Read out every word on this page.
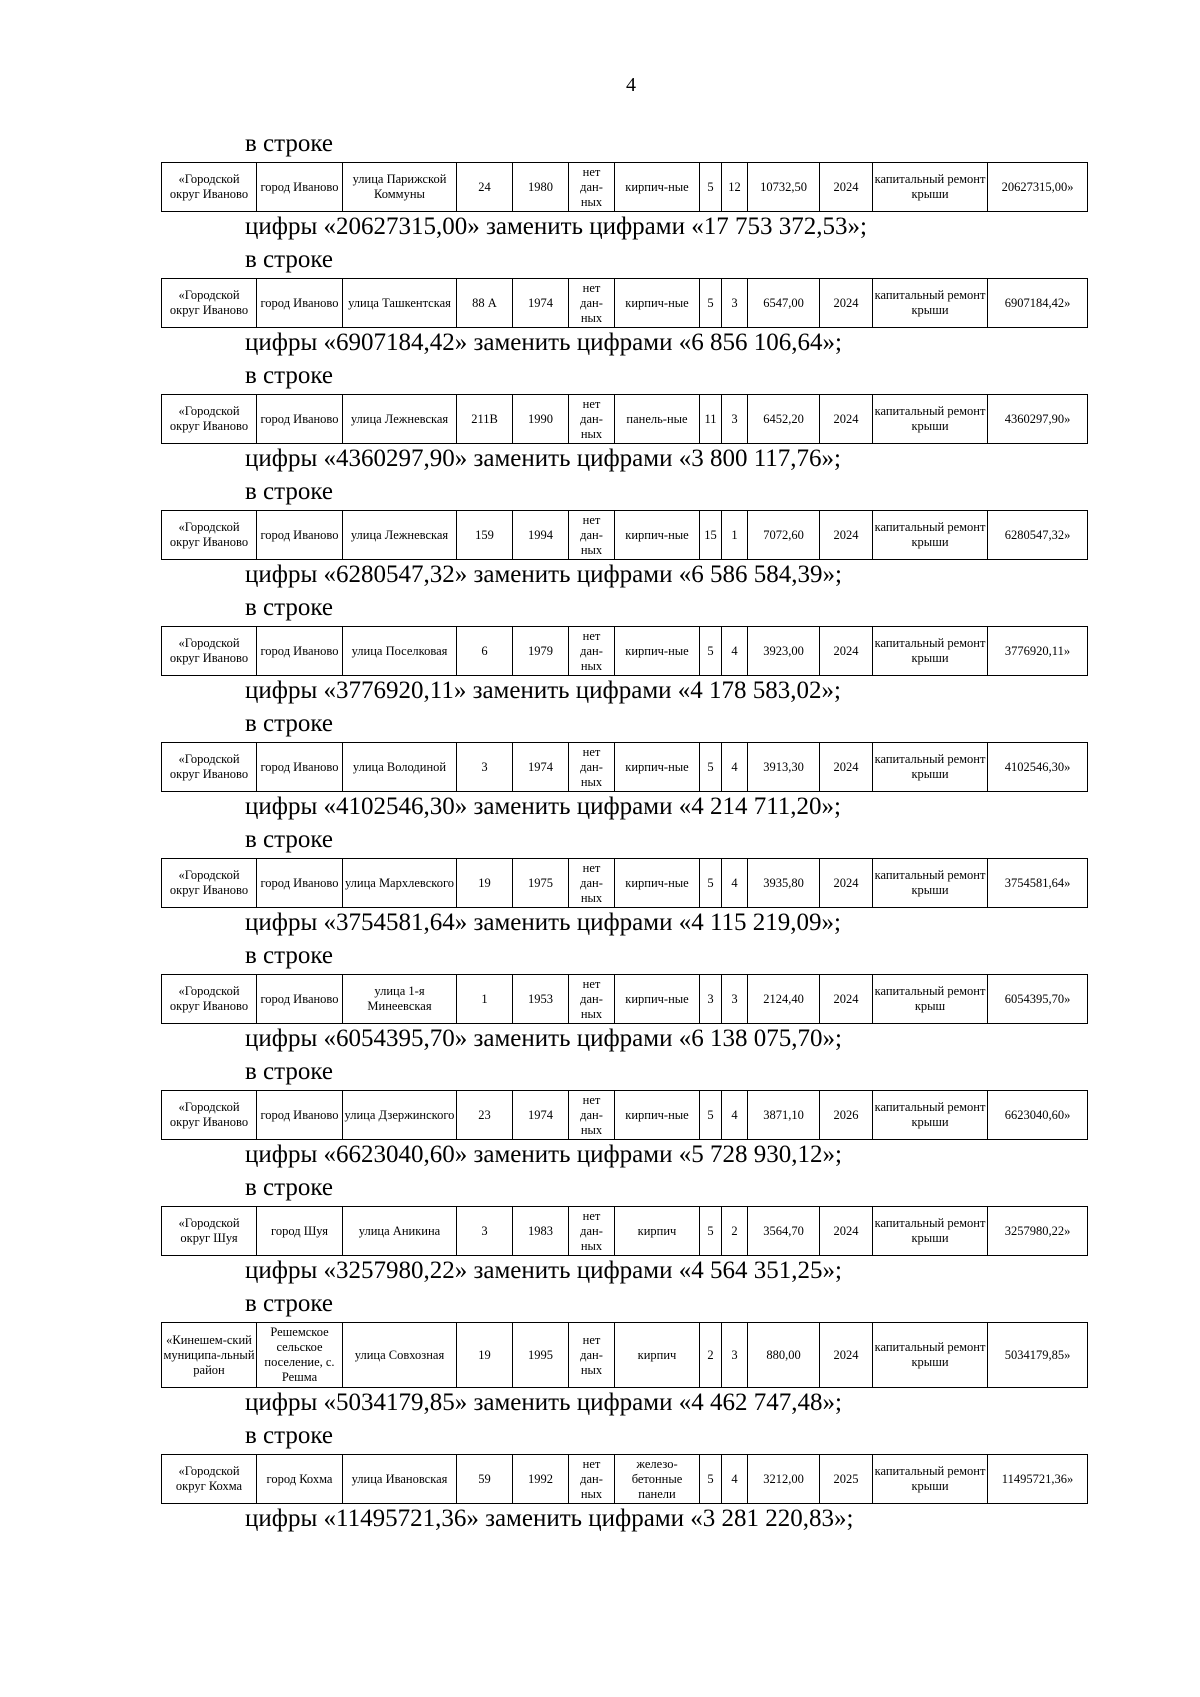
4
в строке
«Городской округ Иваново	город Иваново	улица Парижской Коммуны	24	1980	нет дан-ных	кирпич-ные	5	12	10732,50	2024	капитальный ремонт крыши	20627315,00»
цифры «20627315,00» заменить цифрами «17 753 372,53»;
в строке
«Городской округ Иваново	город Иваново	улица Ташкентская	88 А	1974	нет дан-ных	кирпич-ные	5	3	6547,00	2024	капитальный ремонт крыши	6907184,42»
цифры «6907184,42» заменить цифрами «6 856 106,64»;
в строке
«Городской округ Иваново	город Иваново	улица Лежневская	211В	1990	нет дан-ных	панель-ные	11	3	6452,20	2024	капитальный ремонт крыши	4360297,90»
цифры «4360297,90» заменить цифрами «3 800 117,76»;
в строке
«Городской округ Иваново	город Иваново	улица Лежневская	159	1994	нет дан-ных	кирпич-ные	15	1	7072,60	2024	капитальный ремонт крыши	6280547,32»
цифры «6280547,32» заменить цифрами «6 586 584,39»;
в строке
«Городской округ Иваново	город Иваново	улица Поселковая	6	1979	нет дан-ных	кирпич-ные	5	4	3923,00	2024	капитальный ремонт крыши	3776920,11»
цифры «3776920,11» заменить цифрами «4 178 583,02»;
в строке
«Городской округ Иваново	город Иваново	улица Володиной	3	1974	нет дан-ных	кирпич-ные	5	4	3913,30	2024	капитальный ремонт крыши	4102546,30»
цифры «4102546,30» заменить цифрами «4 214 711,20»;
в строке
«Городской округ Иваново	город Иваново	улица Мархлевского	19	1975	нет дан-ных	кирпич-ные	5	4	3935,80	2024	капитальный ремонт крыши	3754581,64»
цифры «3754581,64» заменить цифрами «4 115 219,09»;
в строке
«Городской округ Иваново	город Иваново	улица 1-я Минеевская	1	1953	нет дан-ных	кирпич-ные	3	3	2124,40	2024	капитальный ремонт крыш	6054395,70»
цифры «6054395,70» заменить цифрами «6 138 075,70»;
в строке
«Городской округ Иваново	город Иваново	улица Дзержинского	23	1974	нет дан-ных	кирпич-ные	5	4	3871,10	2026	капитальный ремонт крыши	6623040,60»
цифры «6623040,60» заменить цифрами «5 728 930,12»;
в строке
«Городской округ Шуя	город Шуя	улица Аникина	3	1983	нет дан-ных	кирпич	5	2	3564,70	2024	капитальный ремонт крыши	3257980,22»
цифры «3257980,22» заменить цифрами «4 564 351,25»;
в строке
«Кинешем-ский муниципа-льный район	Решемское сельское поселение, с. Решма	улица Совхозная	19	1995	нет дан-ных	кирпич	2	3	880,00	2024	капитальный ремонт крыши	5034179,85»
цифры «5034179,85» заменить цифрами «4 462 747,48»;
в строке
«Городской округ Кохма	город Кохма	улица Ивановская	59	1992	нет дан-ных	железо-бетонные панели	5	4	3212,00	2025	капитальный ремонт крыши	11495721,36»
цифры «11495721,36» заменить цифрами «3 281 220,83»;
